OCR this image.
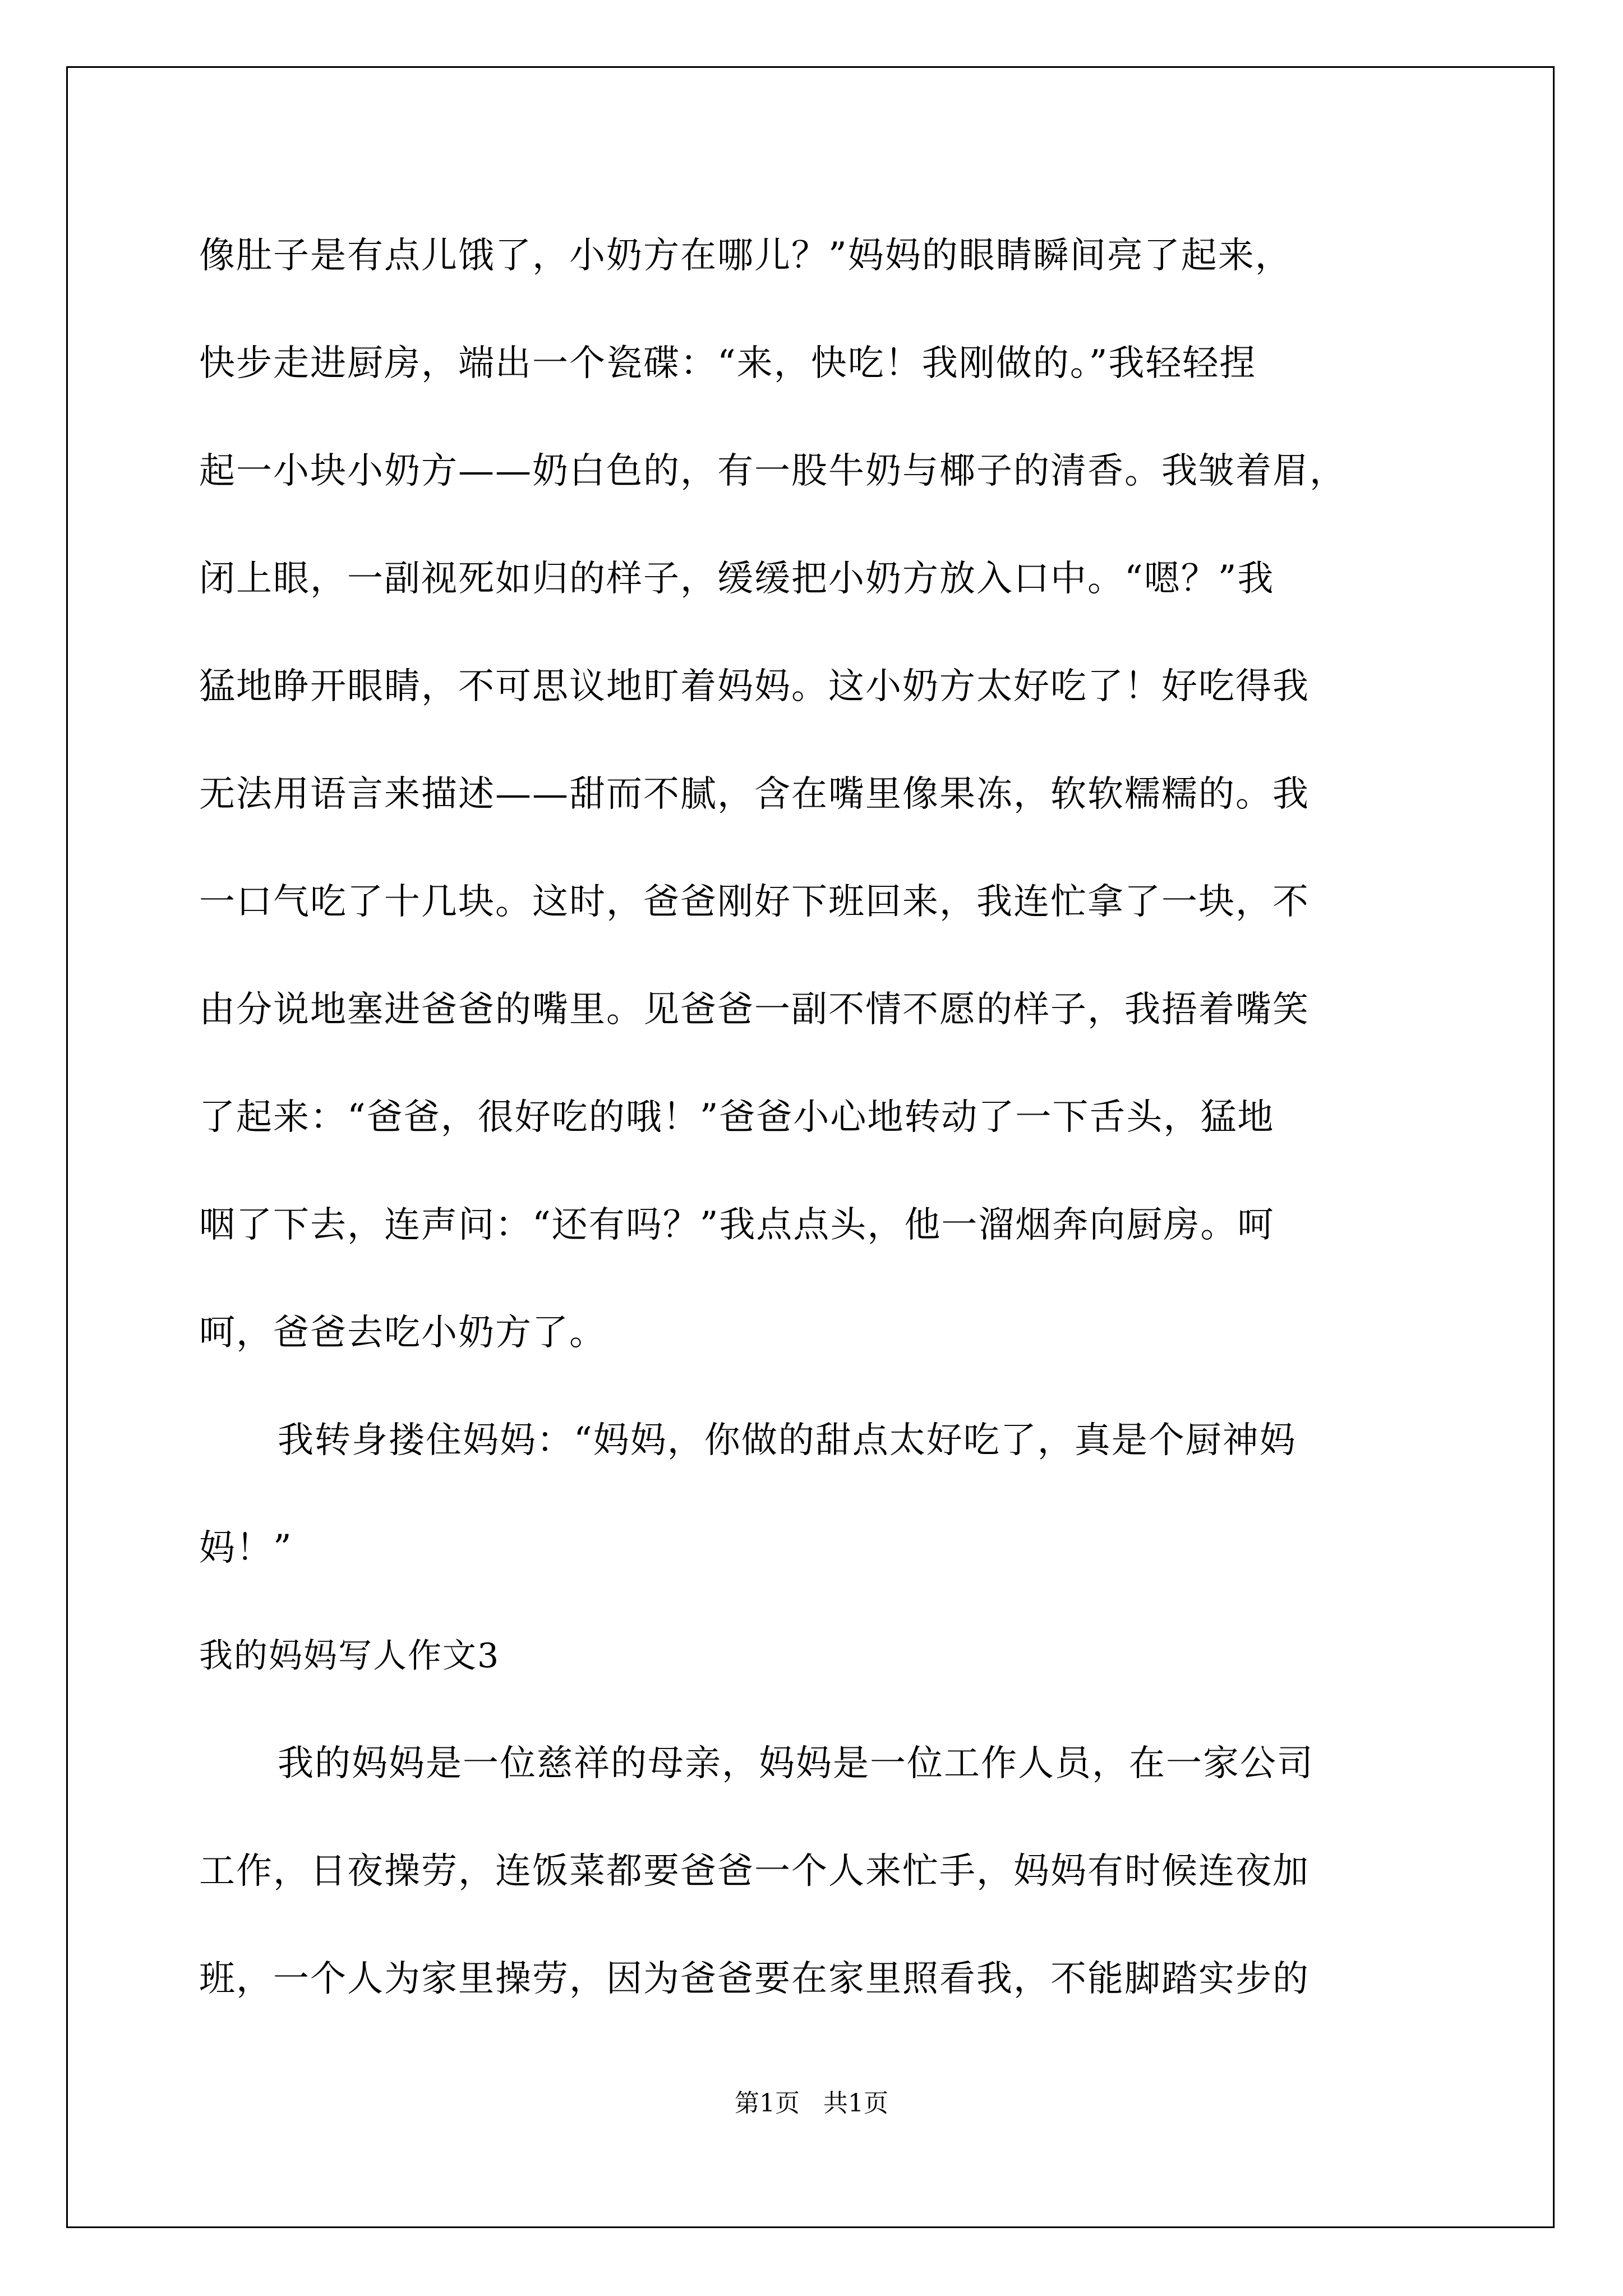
像肚子是有点儿饿了，小奶方在哪儿？”妈妈的眼睛瞬间亮了起来，
快步走进厨房，端出一个瓷碟：“来，快吃！我刚做的。”我轻轻捏
起一小块小奶方——奶白色的，有一股牛奶与椰子的清香。我皱着眉，
闭上眼，一副视死如归的样子，缓缓把小奶方放入口中。“嗯？”我
猛地睁开眼睛，不可思议地盯着妈妈。这小奶方太好吃了！好吃得我
无法用语言来描述——甜而不腻，含在嘴里像果冻，软软糯糯的。我
一口气吃了十几块。这时，爸爸刚好下班回来，我连忙拿了一块，不
由分说地塞进爸爸的嘴里。见爸爸一副不情不愿的样子，我捂着嘴笑
了起来：“爸爸，很好吃的哦！”爸爸小心地转动了一下舌头，猛地
咽了下去，连声问：“还有吗？”我点点头，他一溜烟奔向厨房。呵
呵，爸爸去吃小奶方了。
我转身搂住妈妈：“妈妈，你做的甜点太好吃了，真是个厨神妈
妈！”
我的妈妈写人作文3
我的妈妈是一位慈祥的母亲，妈妈是一位工作人员，在一家公司
工作，日夜操劳，连饭菜都要爸爸一个人来忙手，妈妈有时候连夜加
班，一个人为家里操劳，因为爸爸要在家里照看我，不能脚踏实步的
第1页   共1页
